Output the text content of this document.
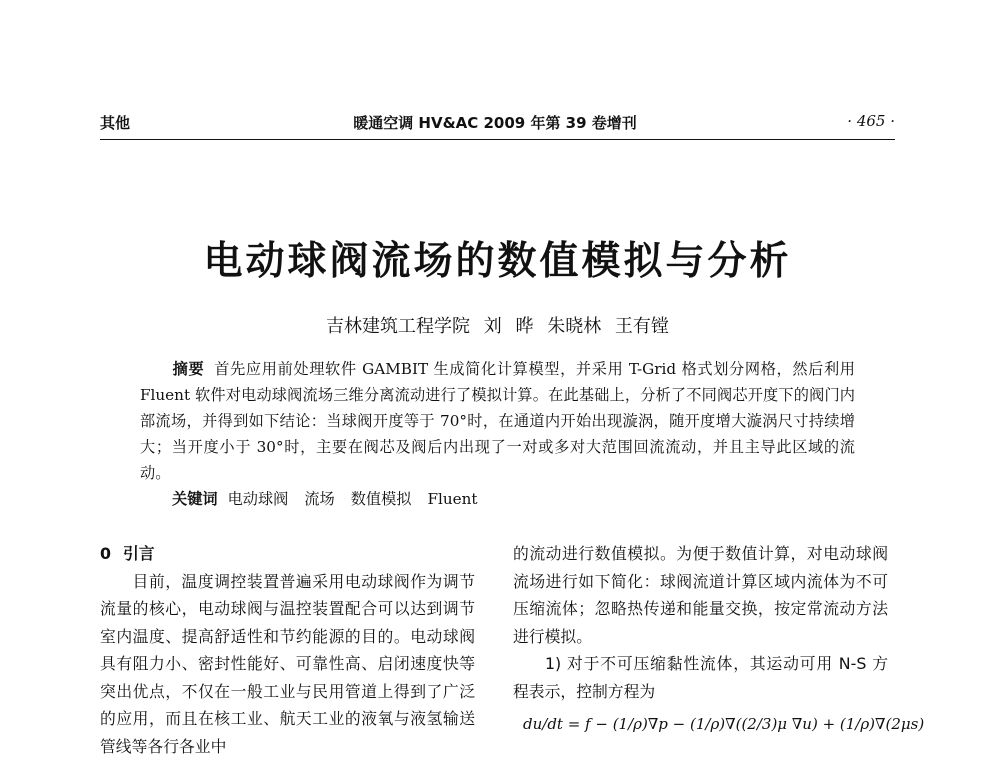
其他	暖通空调 HV&AC 2009 年第 39 卷增刊	· 465 ·
电动球阀流场的数值模拟与分析
吉林建筑工程学院 刘 晔 朱晓林 王有镗

摘要 首先应用前处理软件 GAMBIT 生成简化计算模型，并采用 T-Grid 格式划分网格，然后利用 Fluent 软件对电动球阀流场三维分离流动进行了模拟计算。在此基础上，分析了不同阀芯开度下的阀门内部流场，并得到如下结论：当球阀开度等于 70°时，在通道内开始出现漩涡，随开度增大漩涡尺寸持续增大；当开度小于 30°时，主要在阀芯及阀后内出现了一对或多对大范围回流流动，并且主导此区域的流动。

关键词 电动球阀 流场 数值模拟 Fluent

0 引言

目前，温度调控装置普遍采用电动球阀作为调节流量的核心，电动球阀与温控装置配合可以达到调节室内温度、提高舒适性和节约能源的目的。电动球阀具有阻力小、密封性能好、可靠性高、启闭速度快等突出优点，不仅在一般工业与民用管道上得到了广泛的应用，而且在核工业、航天工业的液氧与液氢输送管线等各行各业中

的流动进行数值模拟。为便于数值计算，对电动球阀流场进行如下简化：球阀流道计算区域内流体为不可压缩流体；忽略热传递和能量交换，按定常流动方法进行模拟。

1) 对于不可压缩黏性流体，其运动可用 N-S 方程表示，控制方程为

du/dt = f − (1/ρ)∇p − (1/ρ)∇((2/3)μ ∇u) + (1/ρ)∇(2μs)
